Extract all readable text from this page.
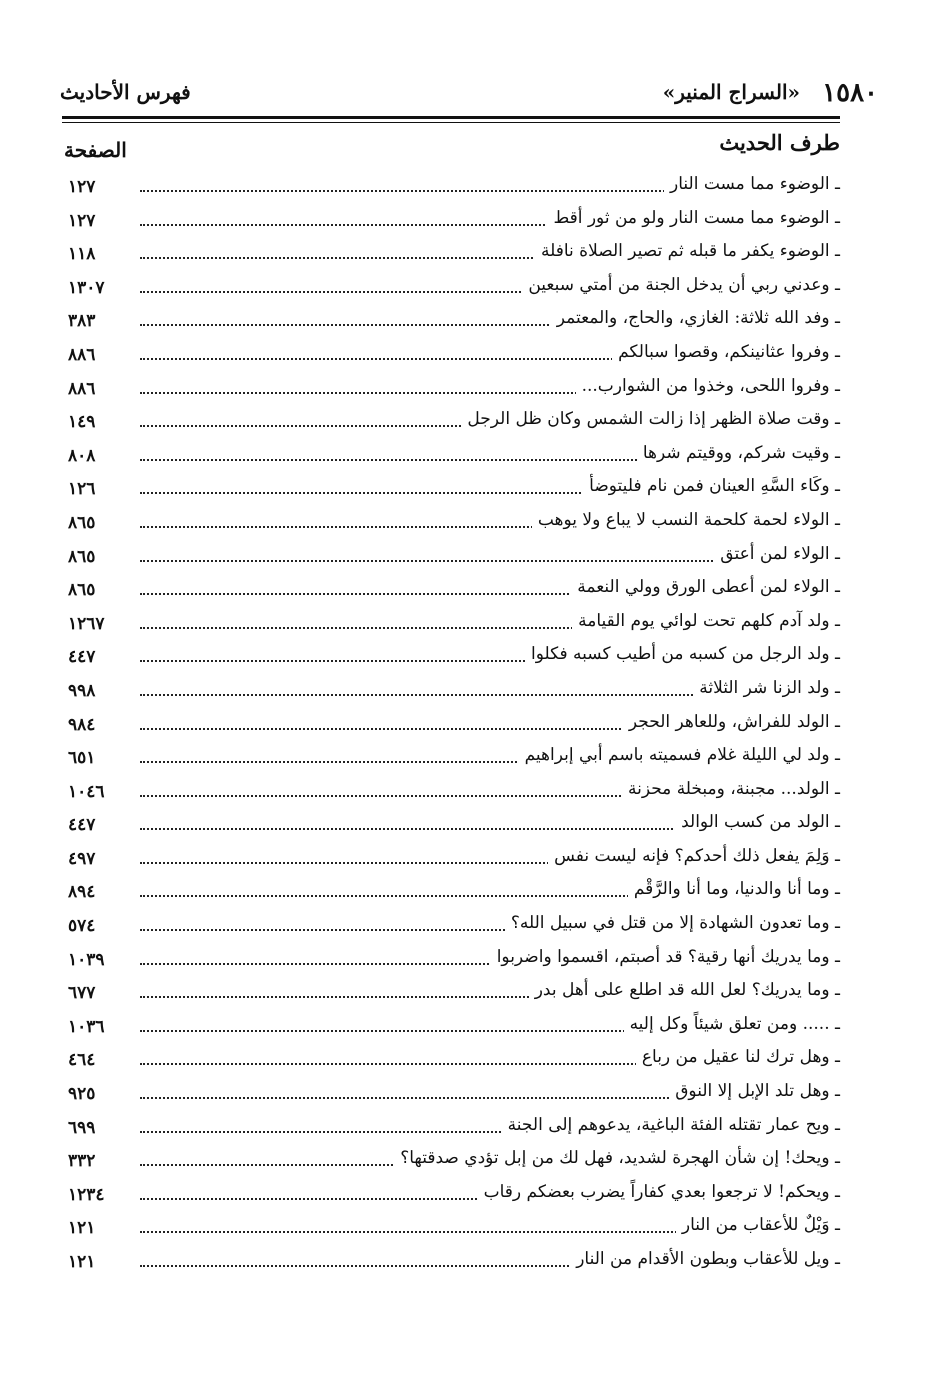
١٥٨٠
«السراج المنير»
فهرس الأحاديث
طرف الحديث
الصفحة
ـ الوضوء مما مست النار
١٢٧
ـ الوضوء مما مست النار ولو من ثور أقط
١٢٧
ـ الوضوء يكفر ما قبله ثم تصير الصلاة نافلة
١١٨
ـ وعدني ربي أن يدخل الجنة من أمتي سبعين
١٣٠٧
ـ وفد الله ثلاثة: الغازي، والحاج، والمعتمر
٣٨٣
ـ وفروا عثانينكم، وقصوا سبالكم
٨٨٦
ـ وفروا اللحى، وخذوا من الشوارب...
٨٨٦
ـ وقت صلاة الظهر إذا زالت الشمس وكان ظل الرجل
١٤٩
ـ وقيت شركم، ووقيتم شرها
٨٠٨
ـ وكَاء السَّهِ العينان فمن نام فليتوضأ
١٢٦
ـ الولاء لحمة كلحمة النسب لا يباع ولا يوهب
٨٦٥
ـ الولاء لمن أعتق
٨٦٥
ـ الولاء لمن أعطى الورق وولي النعمة
٨٦٥
ـ ولد آدم كلهم تحت لوائي يوم القيامة
١٢٦٧
ـ ولد الرجل من كسبه من أطيب كسبه فكلوا
٤٤٧
ـ ولد الزنا شر الثلاثة
٩٩٨
ـ الولد للفراش، وللعاهر الحجر
٩٨٤
ـ ولد لي الليلة غلام فسميته باسم أبي إبراهيم
٦٥١
ـ الولد... مجبنة، ومبخلة محزنة
١٠٤٦
ـ الولد من كسب الوالد
٤٤٧
ـ وَلِمَ يفعل ذلك أحدكم؟ فإنه ليست نفس
٤٩٧
ـ وما أنا والدنيا، وما أنا والرَّقْم
٨٩٤
ـ وما تعدون الشهادة إلا من قتل في سبيل الله؟
٥٧٤
ـ وما يدريك أنها رقية؟ قد أصبتم، اقسموا واضربوا
١٠٣٩
ـ وما يدريك؟ لعل الله قد اطلع على أهل بدر
٦٧٧
ـ ..... ومن تعلق شيئاً وكل إليه
١٠٣٦
ـ وهل ترك لنا عقيل من رباع
٤٦٤
ـ وهل تلد الإبل إلا النوق
٩٢٥
ـ ويح عمار تقتله الفئة الباغية، يدعوهم إلى الجنة
٦٩٩
ـ ويحك! إن شأن الهجرة لشديد، فهل لك من إبل تؤدي صدقتها؟
٣٣٢
ـ ويحكم! لا ترجعوا بعدي كفاراً يضرب بعضكم رقاب
١٢٣٤
ـ وَيْلٌ للأعقاب من النار
١٢١
ـ ويل للأعقاب وبطون الأقدام من النار
١٢١
